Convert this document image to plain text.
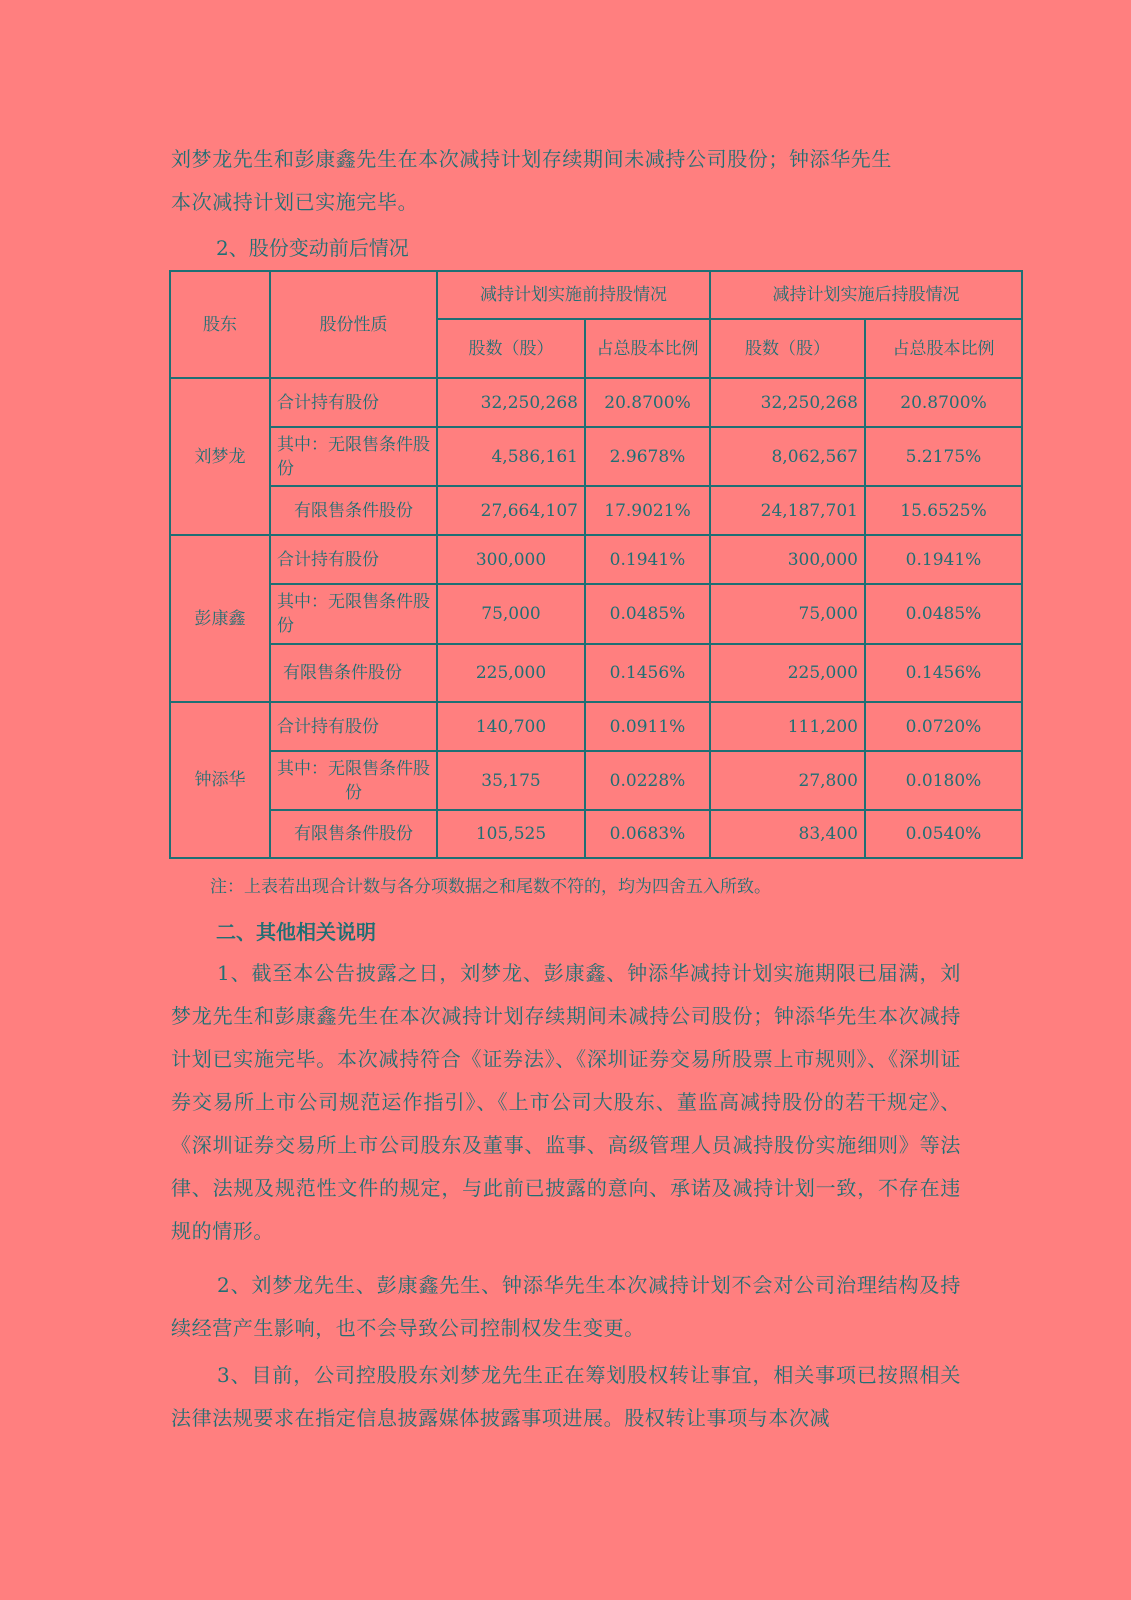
刘梦龙先生和彭康鑫先生在本次减持计划存续期间未减持公司股份；钟添华先生
本次减持计划已实施完毕。

2、股份变动前后情况

股东	股份性质	减持计划实施前持股情况		减持计划实施后持股情况	
		股数（股）	占总股本比例	股数（股）	占总股本比例
刘梦龙	合计持有股份	32,250,268	20.8700%	32,250,268	20.8700%
	其中：无限售条件股份	4,586,161	2.9678%	8,062,567	5.2175%
	有限售条件股份	27,664,107	17.9021%	24,187,701	15.6525%
彭康鑫	合计持有股份	300,000	0.1941%	300,000	0.1941%
	其中：无限售条件股份	75,000	0.0485%	75,000	0.0485%
	有限售条件股份	225,000	0.1456%	225,000	0.1456%
钟添华	合计持有股份	140,700	0.0911%	111,200	0.0720%
	其中：无限售条件股份	35,175	0.0228%	27,800	0.0180%
	有限售条件股份	105,525	0.0683%	83,400	0.0540%

注：上表若出现合计数与各分项数据之和尾数不符的，均为四舍五入所致。

二、其他相关说明

1、截至本公告披露之日，刘梦龙、彭康鑫、钟添华减持计划实施期限已届满，刘梦龙先生和彭康鑫先生在本次减持计划存续期间未减持公司股份；钟添华先生本次减持计划已实施完毕。本次减持符合《证券法》、《深圳证券交易所股票上市规则》、《深圳证券交易所上市公司规范运作指引》、《上市公司大股东、董监高减持股份的若干规定》、《深圳证券交易所上市公司股东及董事、监事、高级管理人员减持股份实施细则》等法律、法规及规范性文件的规定，与此前已披露的意向、承诺及减持计划一致，不存在违规的情形。

2、刘梦龙先生、彭康鑫先生、钟添华先生本次减持计划不会对公司治理结构及持续经营产生影响，也不会导致公司控制权发生变更。

3、目前，公司控股股东刘梦龙先生正在筹划股权转让事宜，相关事项已按照相关法律法规要求在指定信息披露媒体披露事项进展。股权转让事项与本次减
